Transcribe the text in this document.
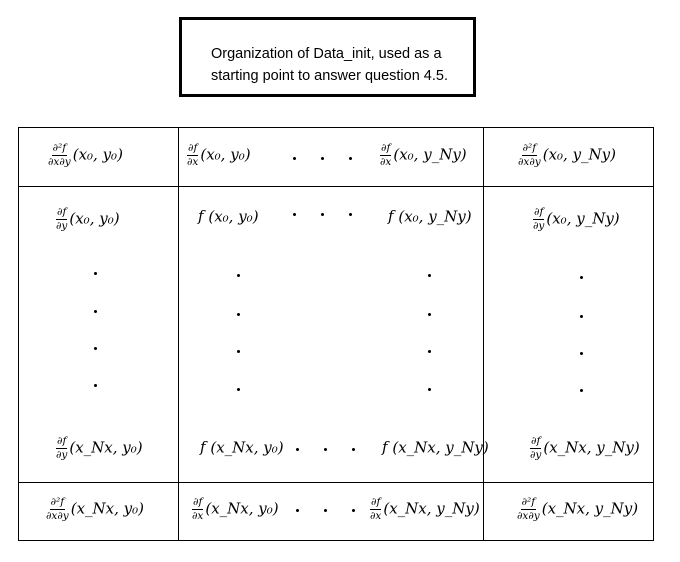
Organization of Data_init, used as a
starting point to answer question 4.5.
$\frac{\text{∂²f}}{\partial x\partial y} (x_0$, y₀)	$\frac{\partial f}{\partial x} (x_0$, y₀)	$\frac{\partial f}{\partial x} (x_0$, y_Ny)	$\frac{\text{∂²f}}{\partial x\partial y} (x_0$, y_Ny)
$\frac{\partial f}{\partial y} (x_0$, y₀)	f (x₀, y₀)	f (x₀, y_Ny)	$\frac{\partial f}{\partial y} (x_0$, y_Ny)
$\frac{\partial f}{\partial y}$ (x_Nx, y₀)	f (x_Nx, y₀)	f (x_Nx, y_Ny)	$\frac{\partial f}{\partial y}$ (x_Nx, y_Ny)
$\frac{\text{∂²f}}{\partial x\partial y}$ (x_Nx, y₀)	$\frac{\partial f}{\partial x}$ (x_Nx, y₀)	$\frac{\partial f}{\partial x}$ (x_Nx, y_Ny)	$\frac{\text{∂²f}}{\partial x\partial y}$ (x_Nx, y_Ny)
